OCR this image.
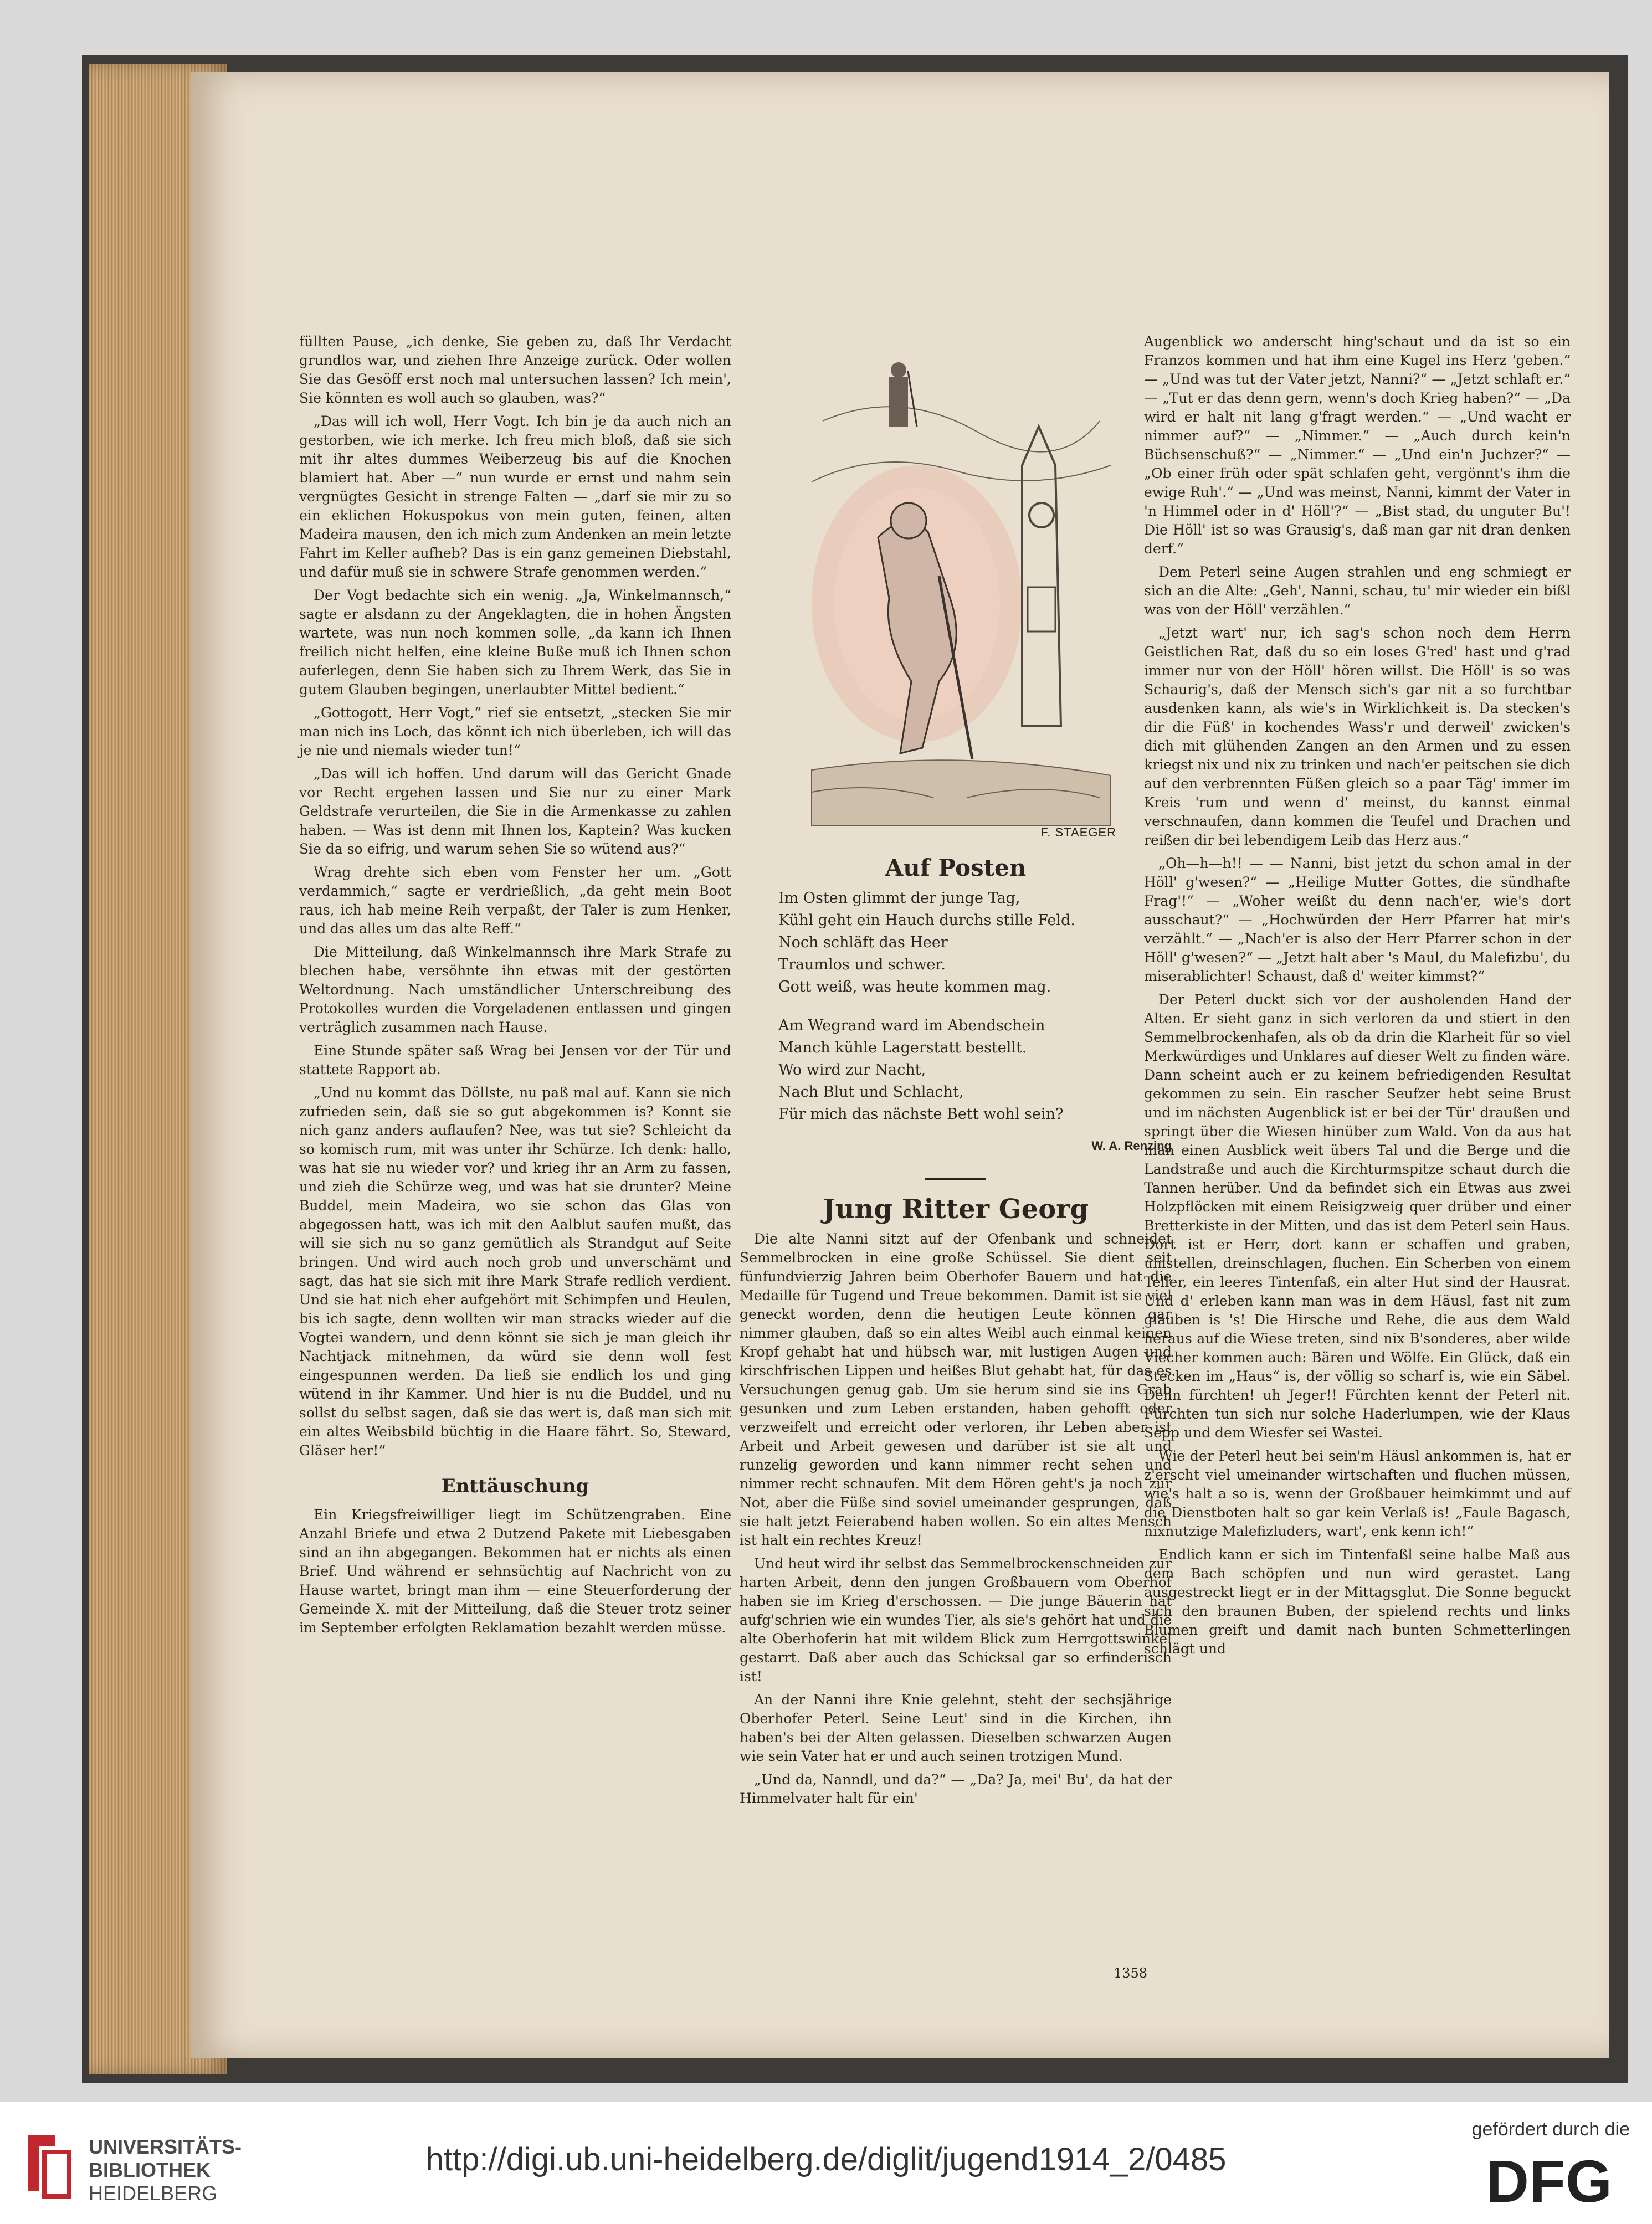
füllten Pause, „ich denke, Sie geben zu, daß Ihr Verdacht grundlos war, und ziehen Ihre Anzeige zurück. Oder wollen Sie das Gesöff erst noch mal untersuchen lassen? Ich mein', Sie könnten es woll auch so glauben, was?“

„Das will ich woll, Herr Vogt. Ich bin je da auch nich an gestorben, wie ich merke. Ich freu mich bloß, daß sie sich mit ihr altes dummes Weiberzeug bis auf die Knochen blamiert hat. Aber —“ nun wurde er ernst und nahm sein vergnügtes Gesicht in strenge Falten — „darf sie mir zu so ein eklichen Hokuspokus von mein guten, feinen, alten Madeira mausen, den ich mich zum Andenken an mein letzte Fahrt im Keller aufheb? Das is ein ganz gemeinen Diebstahl, und dafür muß sie in schwere Strafe genommen werden.“

Der Vogt bedachte sich ein wenig. „Ja, Winkelmannsch,“ sagte er alsdann zu der Angeklagten, die in hohen Ängsten wartete, was nun noch kommen solle, „da kann ich Ihnen freilich nicht helfen, eine kleine Buße muß ich Ihnen schon auferlegen, denn Sie haben sich zu Ihrem Werk, das Sie in gutem Glauben begingen, unerlaubter Mittel bedient.“

„Gottogott, Herr Vogt,“ rief sie entsetzt, „stecken Sie mir man nich ins Loch, das könnt ich nich überleben, ich will das je nie und niemals wieder tun!“

„Das will ich hoffen. Und darum will das Gericht Gnade vor Recht ergehen lassen und Sie nur zu einer Mark Geldstrafe verurteilen, die Sie in die Armenkasse zu zahlen haben. — Was ist denn mit Ihnen los, Kaptein? Was kucken Sie da so eifrig, und warum sehen Sie so wütend aus?“

Wrag drehte sich eben vom Fenster her um. „Gott verdammich,“ sagte er verdrießlich, „da geht mein Boot raus, ich hab meine Reih verpaßt, der Taler is zum Henker, und das alles um das alte Reff.“

Die Mitteilung, daß Winkelmannsch ihre Mark Strafe zu blechen habe, versöhnte ihn etwas mit der gestörten Weltordnung. Nach umständlicher Unterschreibung des Protokolles wurden die Vorgeladenen entlassen und gingen verträglich zusammen nach Hause.

Eine Stunde später saß Wrag bei Jensen vor der Tür und stattete Rapport ab.

„Und nu kommt das Döllste, nu paß mal auf. Kann sie nich zufrieden sein, daß sie so gut abgekommen is? Konnt sie nich ganz anders auflaufen? Nee, was tut sie? Schleicht da so komisch rum, mit was unter ihr Schürze. Ich denk: hallo, was hat sie nu wieder vor? und krieg ihr an Arm zu fassen, und zieh die Schürze weg, und was hat sie drunter? Meine Buddel, mein Madeira, wo sie schon das Glas von abgegossen hatt, was ich mit den Aalblut saufen mußt, das will sie sich nu so ganz gemütlich als Strandgut auf Seite bringen. Und wird auch noch grob und unverschämt und sagt, das hat sie sich mit ihre Mark Strafe redlich verdient. Und sie hat nich eher aufgehört mit Schimpfen und Heulen, bis ich sagte, denn wollten wir man stracks wieder auf die Vogtei wandern, und denn könnt sie sich je man gleich ihr Nachtjack mitnehmen, da würd sie denn woll fest eingespunnen werden. Da ließ sie endlich los und ging wütend in ihr Kammer. Und hier is nu die Buddel, und nu sollst du selbst sagen, daß sie das wert is, daß man sich mit ein altes Weibsbild büchtig in die Haare fährt. So, Steward, Gläser her!“

Enttäuschung

Ein Kriegsfreiwilliger liegt im Schützengraben. Eine Anzahl Briefe und etwa 2 Dutzend Pakete mit Liebesgaben sind an ihn abgegangen. Bekommen hat er nichts als einen Brief. Und während er sehnsüchtig auf Nachricht von zu Hause wartet, bringt man ihm — eine Steuerforderung der Gemeinde X. mit der Mitteilung, daß die Steuer trotz seiner im September erfolgten Reklamation bezahlt werden müsse.

F. STAEGER
Auf Posten
Im Osten glimmt der junge Tag,
Kühl geht ein Hauch durchs stille Feld.
Noch schläft das Heer
Traumlos und schwer.
Gott weiß, was heute kommen mag.
Am Wegrand ward im Abendschein
Manch kühle Lagerstatt bestellt.
Wo wird zur Nacht,
Nach Blut und Schlacht,
Für mich das nächste Bett wohl sein?
W. A. Renzing
Jung Ritter Georg

Die alte Nanni sitzt auf der Ofenbank und schneidet Semmelbrocken in eine große Schüssel. Sie dient seit fünfundvierzig Jahren beim Oberhofer Bauern und hat die Medaille für Tugend und Treue bekommen. Damit ist sie viel geneckt worden, denn die heutigen Leute können gar nimmer glauben, daß so ein altes Weibl auch einmal keinen Kropf gehabt hat und hübsch war, mit lustigen Augen und kirschfrischen Lippen und heißes Blut gehabt hat, für das es Versuchungen genug gab. Um sie herum sind sie ins Grab gesunken und zum Leben erstanden, haben gehofft oder verzweifelt und erreicht oder verloren, ihr Leben aber ist Arbeit und Arbeit gewesen und darüber ist sie alt und runzelig geworden und kann nimmer recht sehen und nimmer recht schnaufen. Mit dem Hören geht's ja noch zur Not, aber die Füße sind soviel umeinander gesprungen, daß sie halt jetzt Feierabend haben wollen. So ein altes Mensch ist halt ein rechtes Kreuz!

Und heut wird ihr selbst das Semmelbrockenschneiden zur harten Arbeit, denn den jungen Großbauern vom Oberhof haben sie im Krieg d'erschossen. — Die junge Bäuerin hat aufg'schrien wie ein wundes Tier, als sie's gehört hat und die alte Oberhoferin hat mit wildem Blick zum Herrgottswinkel gestarrt. Daß aber auch das Schicksal gar so erfinderisch ist!

An der Nanni ihre Knie gelehnt, steht der sechsjährige Oberhofer Peterl. Seine Leut' sind in die Kirchen, ihn haben's bei der Alten gelassen. Dieselben schwarzen Augen wie sein Vater hat er und auch seinen trotzigen Mund.

„Und da, Nanndl, und da?“ — „Da? Ja, mei' Bu', da hat der Himmelvater halt für ein'

Augenblick wo anderscht hing'schaut und da ist so ein Franzos kommen und hat ihm eine Kugel ins Herz 'geben.“ — „Und was tut der Vater jetzt, Nanni?“ — „Jetzt schlaft er.“ — „Tut er das denn gern, wenn's doch Krieg haben?“ — „Da wird er halt nit lang g'fragt werden.“ — „Und wacht er nimmer auf?“ — „Nimmer.“ — „Auch durch kein'n Büchsenschuß?“ — „Nimmer.“ — „Und ein'n Juchzer?“ — „Ob einer früh oder spät schlafen geht, vergönnt's ihm die ewige Ruh'.“ — „Und was meinst, Nanni, kimmt der Vater in 'n Himmel oder in d' Höll'?“ — „Bist stad, du unguter Bu'! Die Höll' ist so was Grausig's, daß man gar nit dran denken derf.“

Dem Peterl seine Augen strahlen und eng schmiegt er sich an die Alte: „Geh', Nanni, schau, tu' mir wieder ein bißl was von der Höll' verzählen.“

„Jetzt wart' nur, ich sag's schon noch dem Herrn Geistlichen Rat, daß du so ein loses G'red' hast und g'rad immer nur von der Höll' hören willst. Die Höll' is so was Schaurig's, daß der Mensch sich's gar nit a so furchtbar ausdenken kann, als wie's in Wirklichkeit is. Da stecken's dir die Füß' in kochendes Wass'r und derweil' zwicken's dich mit glühenden Zangen an den Armen und zu essen kriegst nix und nix zu trinken und nach'er peitschen sie dich auf den verbrennten Füßen gleich so a paar Täg' immer im Kreis 'rum und wenn d' meinst, du kannst einmal verschnaufen, dann kommen die Teufel und Drachen und reißen dir bei lebendigem Leib das Herz aus.“

„Oh—h—h!! — — Nanni, bist jetzt du schon amal in der Höll' g'wesen?“ — „Heilige Mutter Gottes, die sündhafte Frag'!“ — „Woher weißt du denn nach'er, wie's dort ausschaut?“ — „Hochwürden der Herr Pfarrer hat mir's verzählt.“ — „Nach'er is also der Herr Pfarrer schon in der Höll' g'wesen?“ — „Jetzt halt aber 's Maul, du Malefizbu', du miserablichter! Schaust, daß d' weiter kimmst?“

Der Peterl duckt sich vor der ausholenden Hand der Alten. Er sieht ganz in sich verloren da und stiert in den Semmelbrockenhafen, als ob da drin die Klarheit für so viel Merkwürdiges und Unklares auf dieser Welt zu finden wäre. Dann scheint auch er zu keinem befriedigenden Resultat gekommen zu sein. Ein rascher Seufzer hebt seine Brust und im nächsten Augenblick ist er bei der Tür' draußen und springt über die Wiesen hinüber zum Wald. Von da aus hat man einen Ausblick weit übers Tal und die Berge und die Landstraße und auch die Kirchturmspitze schaut durch die Tannen herüber. Und da befindet sich ein Etwas aus zwei Holzpflöcken mit einem Reisigzweig quer drüber und einer Bretterkiste in der Mitten, und das ist dem Peterl sein Haus. Dort ist er Herr, dort kann er schaffen und graben, umstellen, dreinschlagen, fluchen. Ein Scherben von einem Teller, ein leeres Tintenfaß, ein alter Hut sind der Hausrat. Und d' erleben kann man was in dem Häusl, fast nit zum glauben is 's! Die Hirsche und Rehe, die aus dem Wald heraus auf die Wiese treten, sind nix B'sonderes, aber wilde Viecher kommen auch: Bären und Wölfe. Ein Glück, daß ein Stecken im „Haus“ is, der völlig so scharf is, wie ein Säbel. Denn fürchten! uh Jeger!! Fürchten kennt der Peterl nit. Fürchten tun sich nur solche Haderlumpen, wie der Klaus Sepp und dem Wiesfer sei Wastei.

Wie der Peterl heut bei sein'm Häusl ankommen is, hat er z'erscht viel umeinander wirtschaften und fluchen müssen, wie's halt a so is, wenn der Großbauer heimkimmt und auf die Dienstboten halt so gar kein Verlaß is! „Faule Bagasch, nixnutzige Malefizluders, wart', enk kenn ich!“

Endlich kann er sich im Tintenfaßl seine halbe Maß aus dem Bach schöpfen und nun wird gerastet. Lang ausgestreckt liegt er in der Mittagsglut. Die Sonne beguckt sich den braunen Buben, der spielend rechts und links Blumen greift und damit nach bunten Schmetterlingen schlägt und

1358
UNIVERSITÄTS-
BIBLIOTHEK
HEIDELBERG
http://digi.ub.uni-heidelberg.de/diglit/jugend1914_2/0485
gefördert durch die
DFG
